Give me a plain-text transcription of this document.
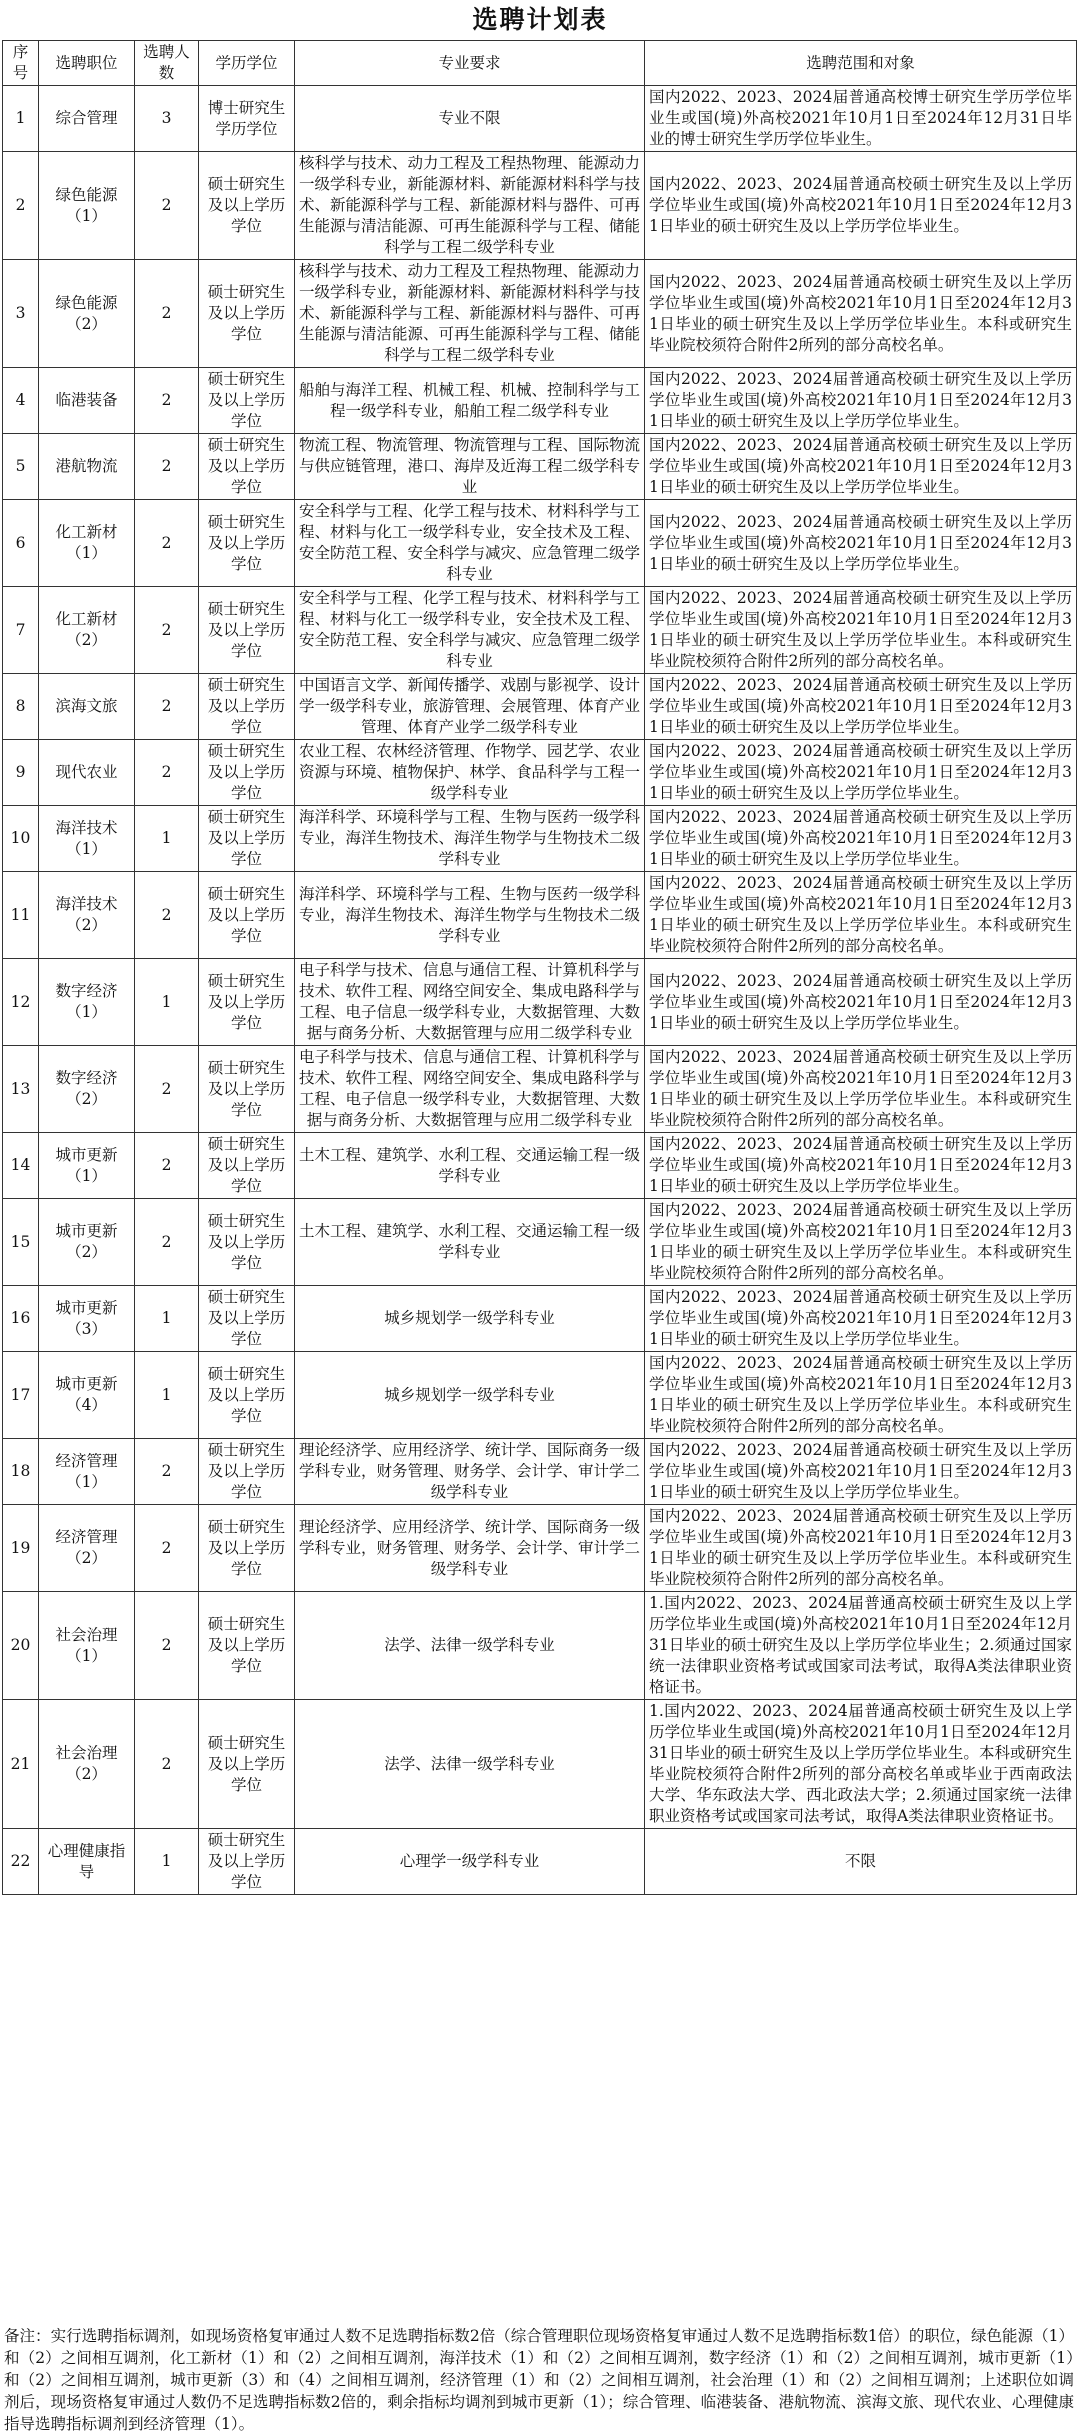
选聘计划表
序号	选聘职位	选聘人数	学历学位	专业要求	选聘范围和对象
1	综合管理	3	博士研究生学历学位	专业不限	国内2022、2023、2024届普通高校博士研究生学历学位毕业生或国(境)外高校2021年10月1日至2024年12月31日毕业的博士研究生学历学位毕业生。
2	绿色能源（1）	2	硕士研究生及以上学历学位	核科学与技术、动力工程及工程热物理、能源动力一级学科专业，新能源材料、新能源材料科学与技术、新能源科学与工程、新能源材料与器件、可再生能源与清洁能源、可再生能源科学与工程、储能科学与工程二级学科专业	国内2022、2023、2024届普通高校硕士研究生及以上学历学位毕业生或国(境)外高校2021年10月1日至2024年12月31日毕业的硕士研究生及以上学历学位毕业生。
3	绿色能源（2）	2	硕士研究生及以上学历学位	核科学与技术、动力工程及工程热物理、能源动力一级学科专业，新能源材料、新能源材料科学与技术、新能源科学与工程、新能源材料与器件、可再生能源与清洁能源、可再生能源科学与工程、储能科学与工程二级学科专业	国内2022、2023、2024届普通高校硕士研究生及以上学历学位毕业生或国(境)外高校2021年10月1日至2024年12月31日毕业的硕士研究生及以上学历学位毕业生。本科或研究生毕业院校须符合附件2所列的部分高校名单。
4	临港装备	2	硕士研究生及以上学历学位	船舶与海洋工程、机械工程、机械、控制科学与工程一级学科专业，船舶工程二级学科专业	国内2022、2023、2024届普通高校硕士研究生及以上学历学位毕业生或国(境)外高校2021年10月1日至2024年12月31日毕业的硕士研究生及以上学历学位毕业生。
5	港航物流	2	硕士研究生及以上学历学位	物流工程、物流管理、物流管理与工程、国际物流与供应链管理，港口、海岸及近海工程二级学科专业	国内2022、2023、2024届普通高校硕士研究生及以上学历学位毕业生或国(境)外高校2021年10月1日至2024年12月31日毕业的硕士研究生及以上学历学位毕业生。
6	化工新材（1）	2	硕士研究生及以上学历学位	安全科学与工程、化学工程与技术、材料科学与工程、材料与化工一级学科专业，安全技术及工程、安全防范工程、安全科学与减灾、应急管理二级学科专业	国内2022、2023、2024届普通高校硕士研究生及以上学历学位毕业生或国(境)外高校2021年10月1日至2024年12月31日毕业的硕士研究生及以上学历学位毕业生。
7	化工新材（2）	2	硕士研究生及以上学历学位	安全科学与工程、化学工程与技术、材料科学与工程、材料与化工一级学科专业，安全技术及工程、安全防范工程、安全科学与减灾、应急管理二级学科专业	国内2022、2023、2024届普通高校硕士研究生及以上学历学位毕业生或国(境)外高校2021年10月1日至2024年12月31日毕业的硕士研究生及以上学历学位毕业生。本科或研究生毕业院校须符合附件2所列的部分高校名单。
8	滨海文旅	2	硕士研究生及以上学历学位	中国语言文学、新闻传播学、戏剧与影视学、设计学一级学科专业，旅游管理、会展管理、体育产业管理、体育产业学二级学科专业	国内2022、2023、2024届普通高校硕士研究生及以上学历学位毕业生或国(境)外高校2021年10月1日至2024年12月31日毕业的硕士研究生及以上学历学位毕业生。
9	现代农业	2	硕士研究生及以上学历学位	农业工程、农林经济管理、作物学、园艺学、农业资源与环境、植物保护、林学、食品科学与工程一级学科专业	国内2022、2023、2024届普通高校硕士研究生及以上学历学位毕业生或国(境)外高校2021年10月1日至2024年12月31日毕业的硕士研究生及以上学历学位毕业生。
10	海洋技术（1）	1	硕士研究生及以上学历学位	海洋科学、环境科学与工程、生物与医药一级学科专业，海洋生物技术、海洋生物学与生物技术二级学科专业	国内2022、2023、2024届普通高校硕士研究生及以上学历学位毕业生或国(境)外高校2021年10月1日至2024年12月31日毕业的硕士研究生及以上学历学位毕业生。
11	海洋技术（2）	2	硕士研究生及以上学历学位	海洋科学、环境科学与工程、生物与医药一级学科专业，海洋生物技术、海洋生物学与生物技术二级学科专业	国内2022、2023、2024届普通高校硕士研究生及以上学历学位毕业生或国(境)外高校2021年10月1日至2024年12月31日毕业的硕士研究生及以上学历学位毕业生。本科或研究生毕业院校须符合附件2所列的部分高校名单。
12	数字经济（1）	1	硕士研究生及以上学历学位	电子科学与技术、信息与通信工程、计算机科学与技术、软件工程、网络空间安全、集成电路科学与工程、电子信息一级学科专业，大数据管理、大数据与商务分析、大数据管理与应用二级学科专业	国内2022、2023、2024届普通高校硕士研究生及以上学历学位毕业生或国(境)外高校2021年10月1日至2024年12月31日毕业的硕士研究生及以上学历学位毕业生。
13	数字经济（2）	2	硕士研究生及以上学历学位	电子科学与技术、信息与通信工程、计算机科学与技术、软件工程、网络空间安全、集成电路科学与工程、电子信息一级学科专业，大数据管理、大数据与商务分析、大数据管理与应用二级学科专业	国内2022、2023、2024届普通高校硕士研究生及以上学历学位毕业生或国(境)外高校2021年10月1日至2024年12月31日毕业的硕士研究生及以上学历学位毕业生。本科或研究生毕业院校须符合附件2所列的部分高校名单。
14	城市更新（1）	2	硕士研究生及以上学历学位	土木工程、建筑学、水利工程、交通运输工程一级学科专业	国内2022、2023、2024届普通高校硕士研究生及以上学历学位毕业生或国(境)外高校2021年10月1日至2024年12月31日毕业的硕士研究生及以上学历学位毕业生。
15	城市更新（2）	2	硕士研究生及以上学历学位	土木工程、建筑学、水利工程、交通运输工程一级学科专业	国内2022、2023、2024届普通高校硕士研究生及以上学历学位毕业生或国(境)外高校2021年10月1日至2024年12月31日毕业的硕士研究生及以上学历学位毕业生。本科或研究生毕业院校须符合附件2所列的部分高校名单。
16	城市更新（3）	1	硕士研究生及以上学历学位	城乡规划学一级学科专业	国内2022、2023、2024届普通高校硕士研究生及以上学历学位毕业生或国(境)外高校2021年10月1日至2024年12月31日毕业的硕士研究生及以上学历学位毕业生。
17	城市更新（4）	1	硕士研究生及以上学历学位	城乡规划学一级学科专业	国内2022、2023、2024届普通高校硕士研究生及以上学历学位毕业生或国(境)外高校2021年10月1日至2024年12月31日毕业的硕士研究生及以上学历学位毕业生。本科或研究生毕业院校须符合附件2所列的部分高校名单。
18	经济管理（1）	2	硕士研究生及以上学历学位	理论经济学、应用经济学、统计学、国际商务一级学科专业，财务管理、财务学、会计学、审计学二级学科专业	国内2022、2023、2024届普通高校硕士研究生及以上学历学位毕业生或国(境)外高校2021年10月1日至2024年12月31日毕业的硕士研究生及以上学历学位毕业生。
19	经济管理（2）	2	硕士研究生及以上学历学位	理论经济学、应用经济学、统计学、国际商务一级学科专业，财务管理、财务学、会计学、审计学二级学科专业	国内2022、2023、2024届普通高校硕士研究生及以上学历学位毕业生或国(境)外高校2021年10月1日至2024年12月31日毕业的硕士研究生及以上学历学位毕业生。本科或研究生毕业院校须符合附件2所列的部分高校名单。
20	社会治理（1）	2	硕士研究生及以上学历学位	法学、法律一级学科专业	1.国内2022、2023、2024届普通高校硕士研究生及以上学历学位毕业生或国(境)外高校2021年10月1日至2024年12月31日毕业的硕士研究生及以上学历学位毕业生；2.须通过国家统一法律职业资格考试或国家司法考试，取得A类法律职业资格证书。
21	社会治理（2）	2	硕士研究生及以上学历学位	法学、法律一级学科专业	1.国内2022、2023、2024届普通高校硕士研究生及以上学历学位毕业生或国(境)外高校2021年10月1日至2024年12月31日毕业的硕士研究生及以上学历学位毕业生。本科或研究生毕业院校须符合附件2所列的部分高校名单或毕业于西南政法大学、华东政法大学、西北政法大学；2.须通过国家统一法律职业资格考试或国家司法考试，取得A类法律职业资格证书。
22	心理健康指导	1	硕士研究生及以上学历学位	心理学一级学科专业	不限
备注：实行选聘指标调剂，如现场资格复审通过人数不足选聘指标数2倍（综合管理职位现场资格复审通过人数不足选聘指标数1倍）的职位，绿色能源（1）和（2）之间相互调剂，化工新材（1）和（2）之间相互调剂，海洋技术（1）和（2）之间相互调剂，数字经济（1）和（2）之间相互调剂，城市更新（1）和（2）之间相互调剂，城市更新（3）和（4）之间相互调剂，经济管理（1）和（2）之间相互调剂，社会治理（1）和（2）之间相互调剂；上述职位如调剂后，现场资格复审通过人数仍不足选聘指标数2倍的，剩余指标均调剂到城市更新（1）；综合管理、临港装备、港航物流、滨海文旅、现代农业、心理健康指导选聘指标调剂到经济管理（1）。
